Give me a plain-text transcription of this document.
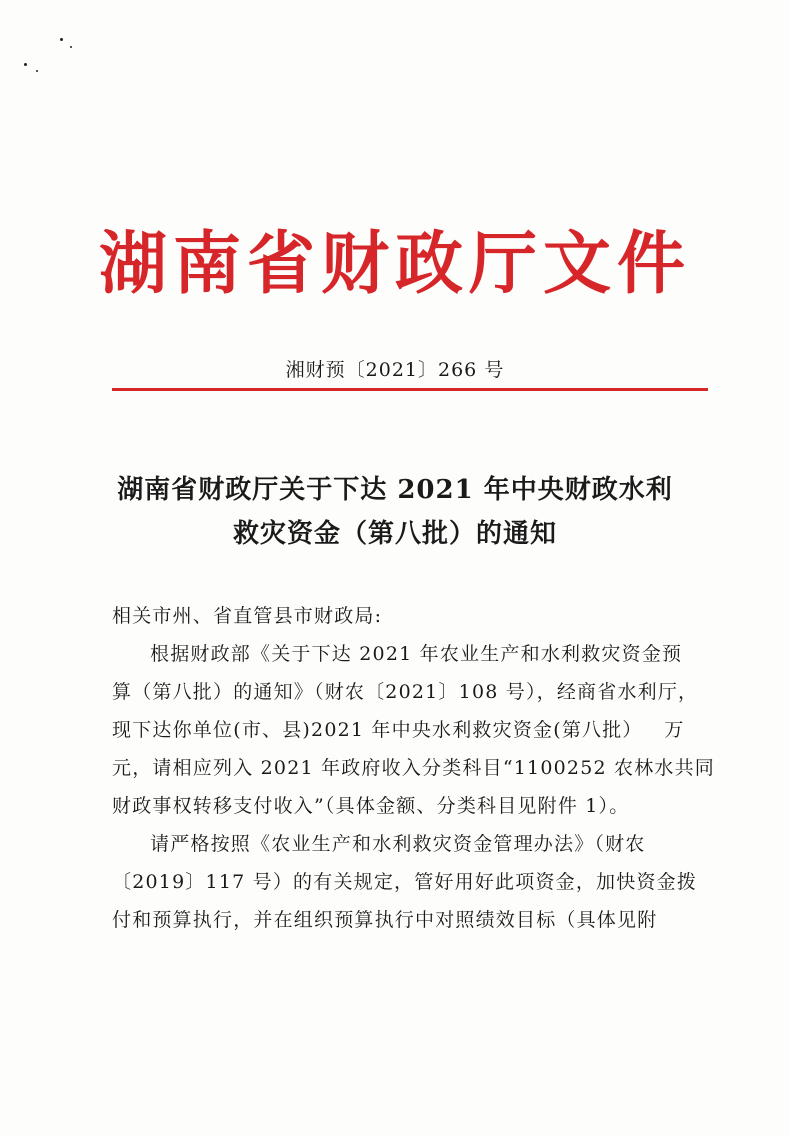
湖南省财政厅文件
湘财预〔2021〕266 号
湖南省财政厅关于下达 2021 年中央财政水利
救灾资金（第八批）的通知
相关市州、省直管县市财政局:
根据财政部《关于下达 2021 年农业生产和水利救灾资金预
算（第八批）的通知》（财农〔2021〕108 号），经商省水利厅，
现下达你单位(市、县)2021 年中央水利救灾资金(第八批）   万
元，请相应列入 2021 年政府收入分类科目“1100252 农林水共同
财政事权转移支付收入”（具体金额、分类科目见附件 1）。
请严格按照《农业生产和水利救灾资金管理办法》（财农
〔2019〕117 号）的有关规定，管好用好此项资金，加快资金拨
付和预算执行，并在组织预算执行中对照绩效目标（具体见附
